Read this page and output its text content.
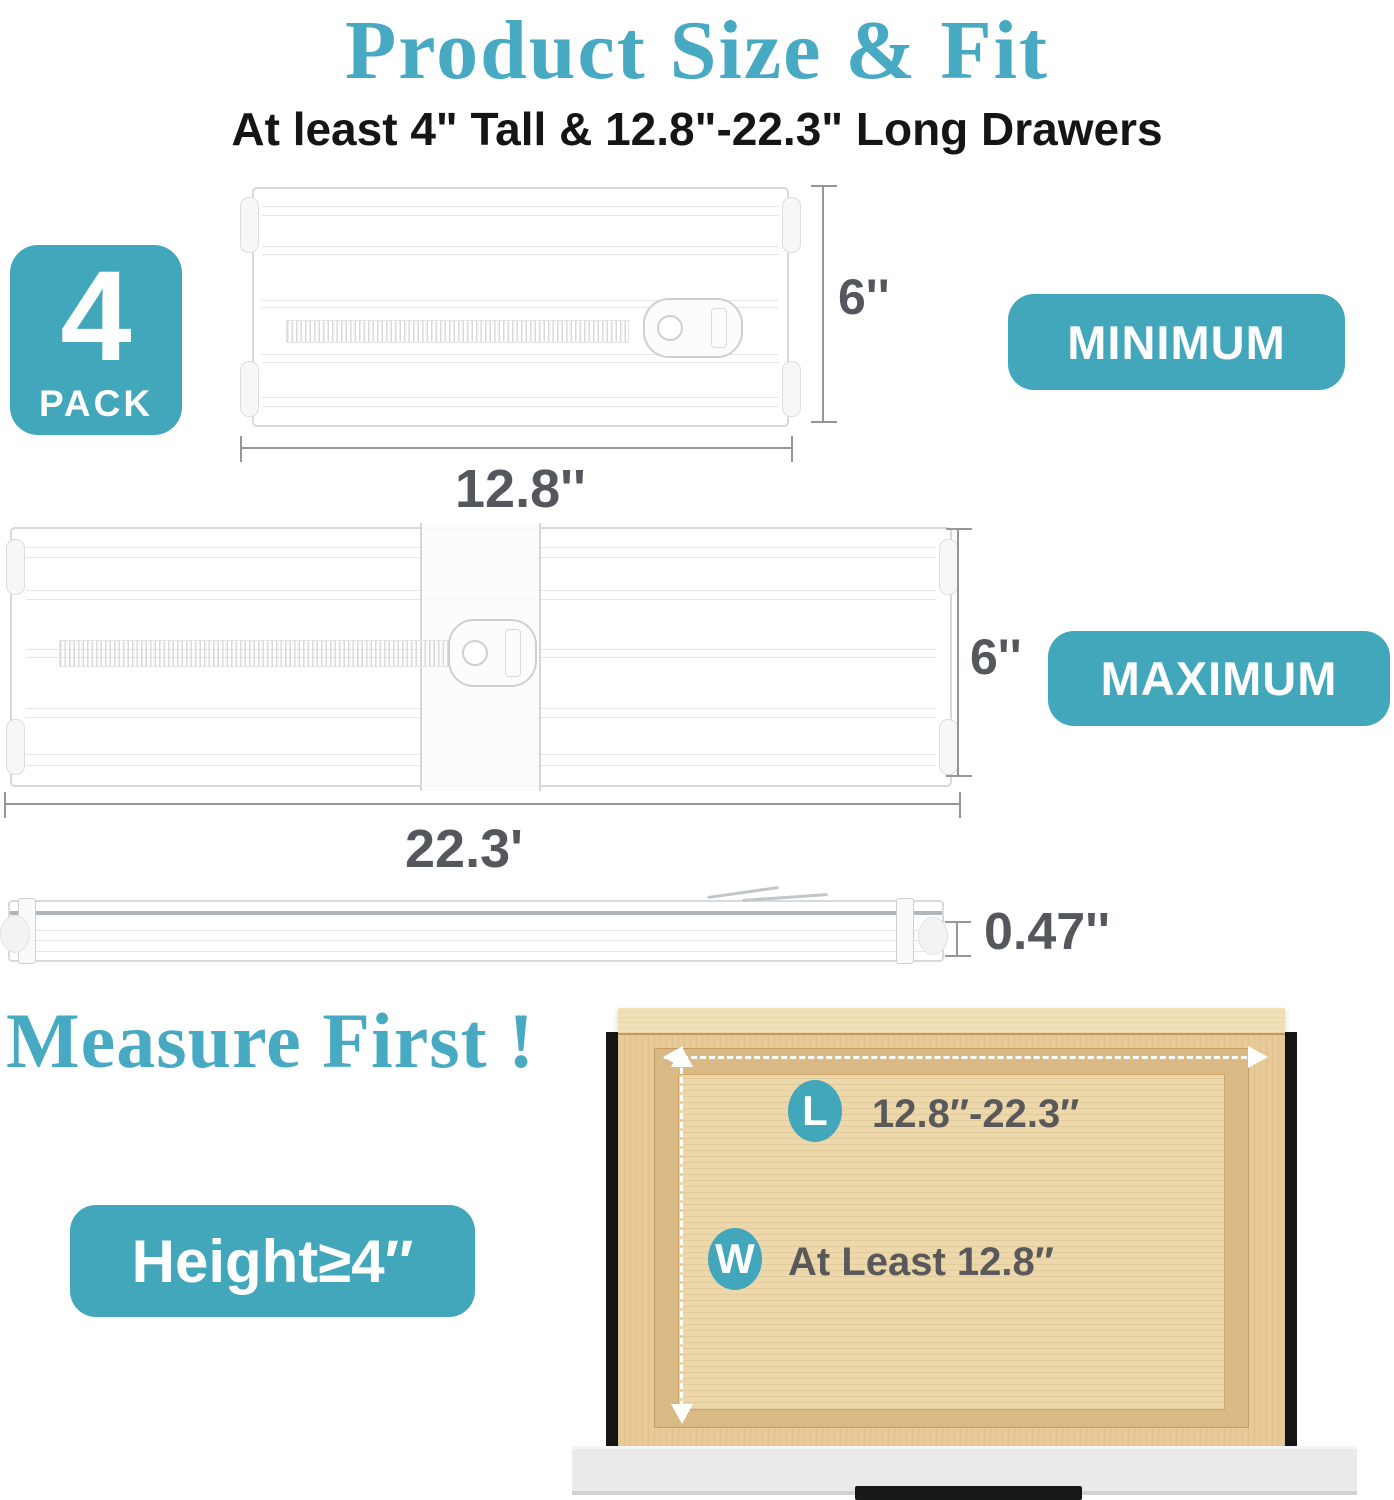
Product Size & Fit
At least 4" Tall & 12.8"-22.3" Long Drawers
4
PACK
6''
12.8''
MINIMUM
6''
22.3'
MAXIMUM
0.47''
Measure First !
Height≥4″
L	12.8″-22.3″
W At Least 12.8″
